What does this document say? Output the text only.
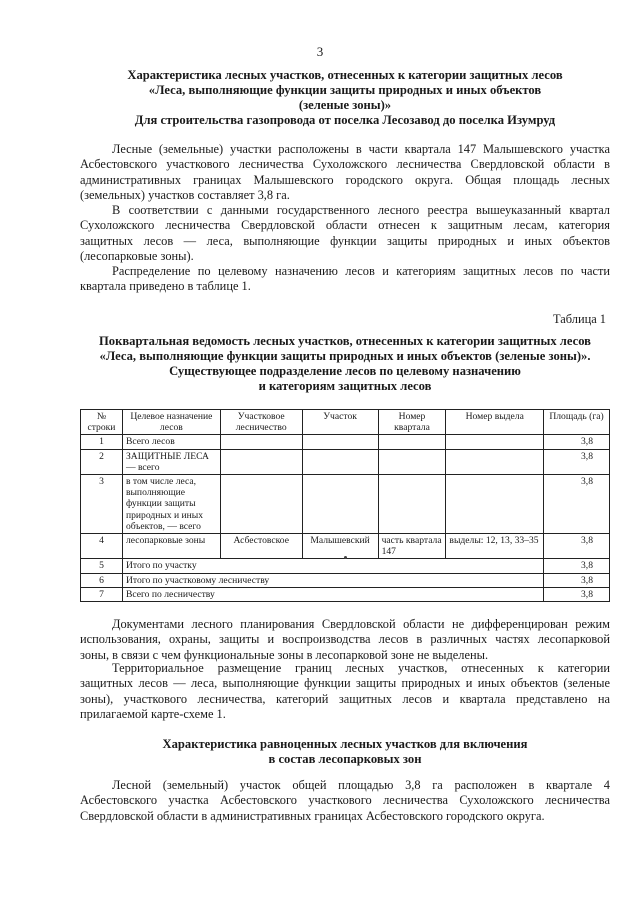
3
Характеристика лесных участков, отнесенных к категории защитных лесов
«Леса, выполняющие функции защиты природных и иных объектов
(зеленые зоны)»
Для строительства газопровода от поселка Лесозавод до поселка Изумруд
Лесные (земельные) участки расположены в части квартала 147 Малышевского участка
Асбестовского участкового лесничества Сухоложского лесничества Свердловской области в
административных границах Малышевского городского округа. Общая площадь лесных
(земельных) участков составляет 3,8 га.
В соответствии с данными государственного лесного реестра вышеуказанный квартал
Сухоложского лесничества Свердловской области отнесен к защитным лесам, категория
защитных лесов — леса, выполняющие функции защиты природных и иных объектов
(лесопарковые зоны).
Распределение по целевому назначению лесов и категориям защитных лесов по части
квартала приведено в таблице 1.
Таблица 1
Поквартальная ведомость лесных участков, отнесенных к категории защитных лесов
«Леса, выполняющие функции защиты природных и иных объектов (зеленые зоны)».
Существующее подразделение лесов по целевому назначению
и категориям защитных лесов
№ строки	Целевое назначение лесов	Участковое лесничество	Участок	Номер квартала	Номер выдела	Площадь (га)
1	Всего лесов					3,8
2	ЗАЩИТНЫЕ ЛЕСА — всего					3,8
3	в том числе леса, выполняющие функции защиты природных и иных объектов, — всего					3,8
4	лесопарковые зоны	Асбестовское	Малышевский	часть квартала 147	выделы: 12, 13, 33–35	3,8
5	Итого по участку					3,8
6	Итого по участковому лесничеству					3,8
7	Всего по лесничеству					3,8
Документами лесного планирования Свердловской области не дифференцирован режим
использования, охраны, защиты и воспроизводства лесов в различных частях лесопарковой
зоны, в связи с чем функциональные зоны в лесопарковой зоне не выделены.
Территориальное размещение границ лесных участков, отнесенных к категории
защитных лесов — леса, выполняющие функции защиты природных и иных объектов (зеленые
зоны), участкового лесничества, категорий защитных лесов и квартала представлено на
прилагаемой карте-схеме 1.
Характеристика равноценных лесных участков для включения
в состав лесопарковых зон
Лесной (земельный) участок общей площадью 3,8 га расположен в квартале 4
Асбестовского участка Асбестовского участкового лесничества Сухоложского лесничества
Свердловской области в административных границах Асбестовского городского округа.
